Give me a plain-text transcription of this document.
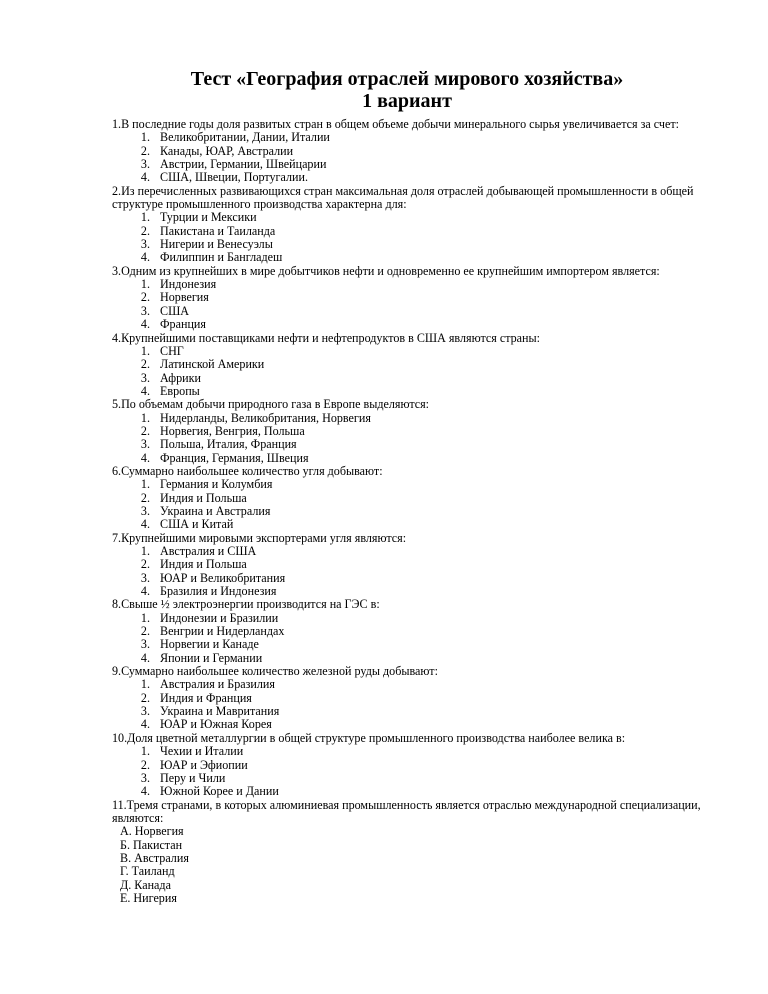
Тест «География отраслей мирового хозяйства»
1 вариант

1.В последние годы доля развитых стран в общем объеме добычи минерального сырья увеличивается за счет:

1. Великобритании, Дании, Италии
2. Канады, ЮАР, Австралии
3. Австрии, Германии, Швейцарии
4. США, Швеции, Португалии.

2.Из перечисленных развивающихся стран максимальная доля отраслей добывающей промышленности в общей структуре промышленного производства характерна для:

1. Турции и Мексики
2. Пакистана и Таиланда
3. Нигерии и Венесуэлы
4. Филиппин и Бангладеш

3.Одним из крупнейших в мире добытчиков нефти и одновременно ее крупнейшим импортером является:

1. Индонезия
2. Норвегия
3. США
4. Франция

4.Крупнейшими поставщиками нефти и нефтепродуктов в США являются страны:

1. СНГ
2. Латинской Америки
3. Африки
4. Европы

5.По объемам добычи природного газа в Европе выделяются:

1. Нидерланды, Великобритания, Норвегия
2. Норвегия, Венгрия, Польша
3. Польша, Италия, Франция
4. Франция, Германия, Швеция

6.Суммарно наибольшее количество угля добывают:

1. Германия и Колумбия
2. Индия и Польша
3. Украина и Австралия
4. США и Китай

7.Крупнейшими мировыми экспортерами угля являются:

1. Австралия и США
2. Индия и Польша
3. ЮАР и Великобритания
4. Бразилия и Индонезия

8.Свыше ½ электроэнергии производится на ГЭС в:

1. Индонезии и Бразилии
2. Венгрии и Нидерландах
3. Норвегии и Канаде
4. Японии и Германии

9.Суммарно наибольшее количество железной руды добывают:

1. Австралия и Бразилия
2. Индия и Франция
3. Украина и Мавритания
4. ЮАР и Южная Корея

10.Доля цветной металлургии в общей структуре промышленного производства наиболее велика в:

1. Чехии и Италии
2. ЮАР и Эфиопии
3. Перу и Чили
4. Южной Корее и Дании

11.Тремя странами, в которых алюминиевая промышленность является отраслью международной специализации, являются:

А. Норвегия
Б. Пакистан
В. Австралия
Г. Таиланд
Д. Канада
Е. Нигерия
